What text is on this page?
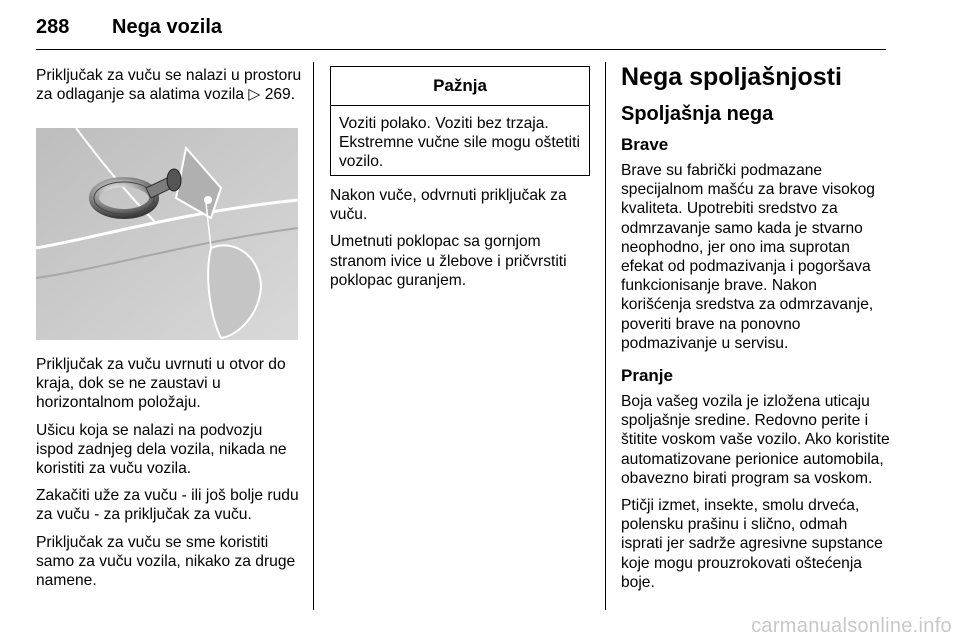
288 Nega vozila

Priključak za vuču se nalazi u prostoru za odlaganje sa alatima vozila ▷ 269.

Priključak za vuču uvrnuti u otvor do kraja, dok se ne zaustavi u horizontalnom položaju.

Ušicu koja se nalazi na podvozju ispod zadnjeg dela vozila, nikada ne koristiti za vuču vozila.

Zakačiti uže za vuču - ili još bolje rudu za vuču - za priključak za vuču.

Priključak za vuču se sme koristiti samo za vuču vozila, nikako za druge namene.

Pažnja
Voziti polako. Voziti bez trzaja. Ekstremne vučne sile mogu oštetiti vozilo.

Nakon vuče, odvrnuti priključak za vuču.

Umetnuti poklopac sa gornjom stranom ivice u žlebove i pričvrstiti poklopac guranjem.

Nega spoljašnjosti
Spoljašnja nega
Brave

Brave su fabrički podmazane specijalnom mašću za brave visokog kvaliteta. Upotrebiti sredstvo za odmrzavanje samo kada je stvarno neophodno, jer ono ima suprotan efekat od podmazivanja i pogoršava funkcionisanje brave. Nakon korišćenja sredstva za odmrzavanje, poveriti brave na ponovno podmazivanje u servisu.

Pranje

Boja vašeg vozila je izložena uticaju spoljašnje sredine. Redovno perite i štitite voskom vaše vozilo. Ako koristite automatizovane perionice automobila, obavezno birati program sa voskom.

Ptičji izmet, insekte, smolu drveća, polensku prašinu i slično, odmah isprati jer sadrže agresivne supstance koje mogu prouzrokovati oštećenja boje.

carmanualsonline.info
